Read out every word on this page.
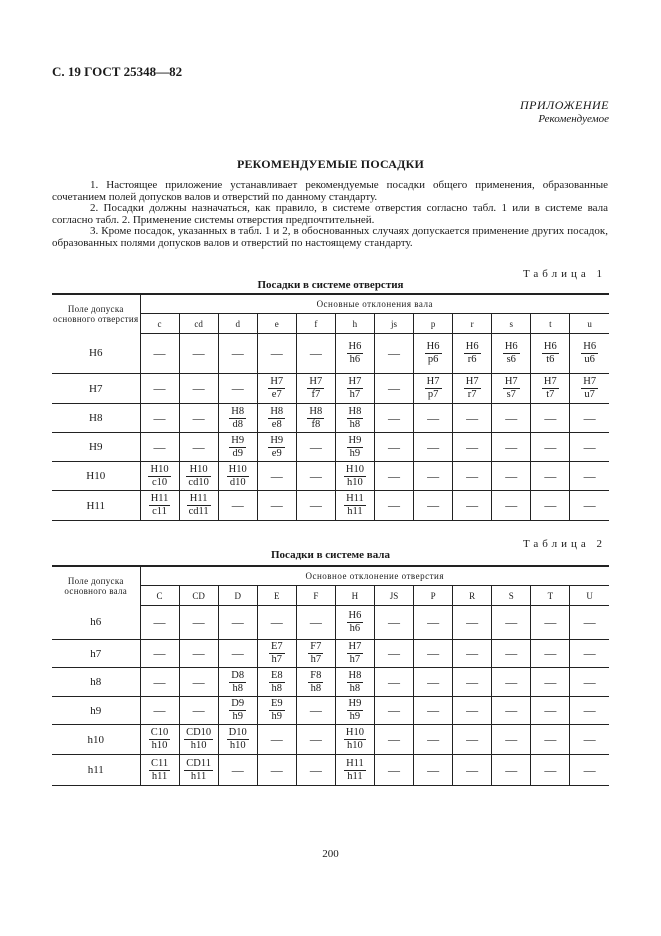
С. 19 ГОСТ 25348—82
ПРИЛОЖЕНИЕ
Рекомендуемое
РЕКОМЕНДУЕМЫЕ ПОСАДКИ

1. Настоящее приложение устанавливает рекомендуемые посадки общего применения, образованные сочетанием полей допусков валов и отверстий по данному стандарту.

2. Посадки должны назначаться, как правило, в системе отверстия согласно табл. 1 или в системе вала согласно табл. 2. Применение системы отверстия предпочтительней.

3. Кроме посадок, указанных в табл. 1 и 2, в обоснованных случаях допускается применение других посадок, образованных полями допусков валов и отверстий по настоящему стандарту.

Таблица 1
Посадки в системе отверстия
Поле допуска основного отверстия	Основные отклонения вала											
	c	cd	d	e	f	h	js	p	r	s	t	u
H6	—	—	—	—	—	$\frac{H6}{h6}$	—	$\frac{H6}{p6}$	$\frac{H6}{r6}$	$\frac{H6}{s6}$	$\frac{H6}{t6}$	$\frac{H6}{u6}$

H7	—	—	—	$\frac{H7}{e7}$	$\frac{H7}{f7}$	$\frac{H7}{h7}$	—	$\frac{H7}{p7}$	$\frac{H7}{r7}$	$\frac{H7}{s7}$	$\frac{H7}{t7}$	$\frac{H7}{u7}$

H8	—	—	$\frac{H8}{d8}$	$\frac{H8}{e8}$	$\frac{H8}{f8}$	$\frac{H8}{h8}$	—	—	—	—	—	—
H9	—	—	$\frac{H9}{d9}$	$\frac{H9}{e9}$	—	$\frac{H9}{h9}$	—	—	—	—	—	—
H10	$\frac{H10}{c10}$	$\frac{H10}{cd10}$	$\frac{H10}{d10}$	—	—	$\frac{H10}{h10}$	—	—	—	—	—	—
H11	$\frac{H11}{c11}$	$\frac{H11}{cd11}$	—	—	—	$\frac{H11}{h11}$	—	—	—	—	—	—
Таблица 2
Посадки в системе вала
Поле допуска основного вала	Основное отклонение отверстия											
	C	CD	D	E	F	H	JS	P	R	S	T	U
h6	—	—	—	—	—	$\frac{H6}{h6}$	—	—	—	—	—	—
h7	—	—	—	$\frac{E7}{h7}$	$\frac{F7}{h7}$	$\frac{H7}{h7}$	—	—	—	—	—	—
h8	—	—	$\frac{D8}{h8}$	$\frac{E8}{h8}$	$\frac{F8}{h8}$	$\frac{H8}{h8}$	—	—	—	—	—	—
h9	—	—	$\frac{D9}{h9}$	$\frac{E9}{h9}$	—	$\frac{H9}{h9}$	—	—	—	—	—	—
h10	$\frac{C10}{h10}$	$\frac{CD10}{h10}$	$\frac{D10}{h10}$	—	—	$\frac{H10}{h10}$	—	—	—	—	—	—
h11	$\frac{C11}{h11}$	$\frac{CD11}{h11}$	—	—	—	$\frac{H11}{h11}$	—	—	—	—	—	—
200
